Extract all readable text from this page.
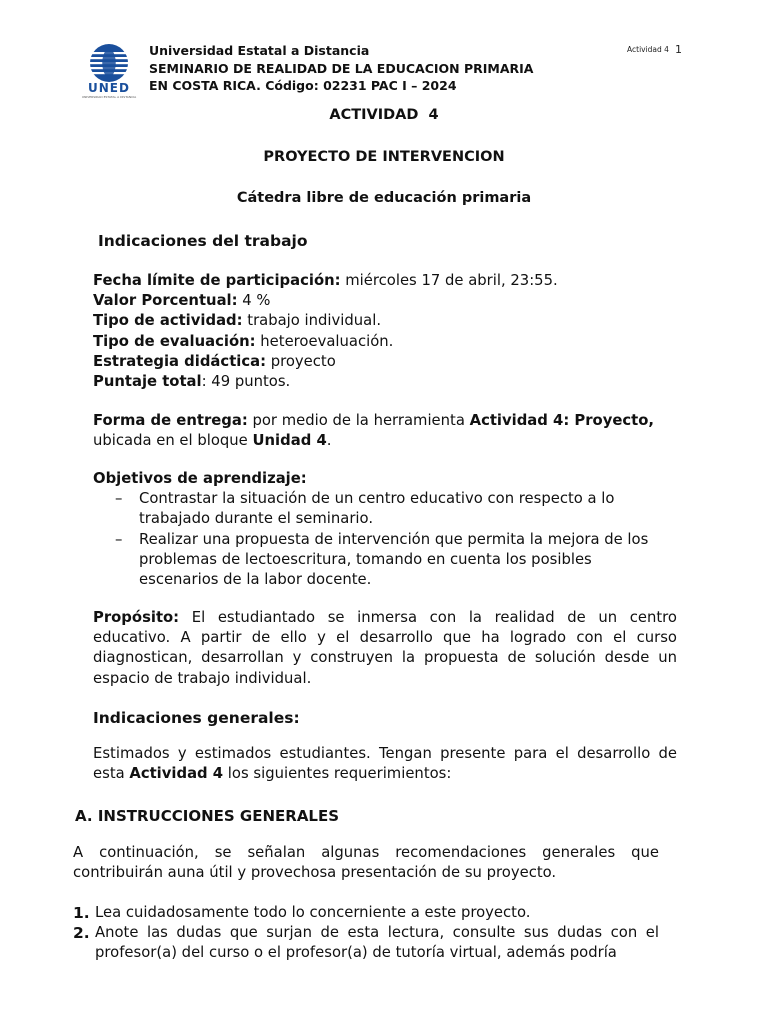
UNED
UNIVERSIDAD ESTATAL A DISTANCIA
Universidad Estatal a Distancia
SEMINARIO DE REALIDAD DE LA EDUCACION PRIMARIA
EN COSTA RICA. Código: 02231 PAC I – 2024
Actividad 4 1
ACTIVIDAD  4
PROYECTO DE INTERVENCION
Cátedra libre de educación primaria
Indicaciones del trabajo
Fecha límite de participación: miércoles 17 de abril, 23:55.
Valor Porcentual: 4 %
Tipo de actividad: trabajo individual.
Tipo de evaluación: heteroevaluación.
Estrategia didáctica: proyecto
Puntaje total: 49 puntos.
Forma de entrega: por medio de la herramienta Actividad 4: Proyecto,
ubicada en el bloque Unidad 4.
Objetivos de aprendizaje:
– Contrastar la situación de un centro educativo con respecto a lo trabajado durante el seminario.
– Realizar una propuesta de intervención que permita la mejora de los problemas de lectoescritura, tomando en cuenta los posibles escenarios de la labor docente.
Propósito: El estudiantado se inmersa con la realidad de un centro educativo. A partir de ello y el desarrollo que ha logrado con el curso diagnostican, desarrollan y construyen la propuesta de solución desde un espacio de trabajo individual.
Indicaciones generales:
Estimados y estimados estudiantes. Tengan presente para el desarrollo de esta Actividad 4 los siguientes requerimientos:
A. INSTRUCCIONES GENERALES
A continuación, se señalan algunas recomendaciones generales que contribuirán auna útil y provechosa presentación de su proyecto.
1. Lea cuidadosamente todo lo concerniente a este proyecto.
2. Anote las dudas que surjan de esta lectura, consulte sus dudas con el profesor(a) del curso o el profesor(a) de tutoría virtual, además podría
